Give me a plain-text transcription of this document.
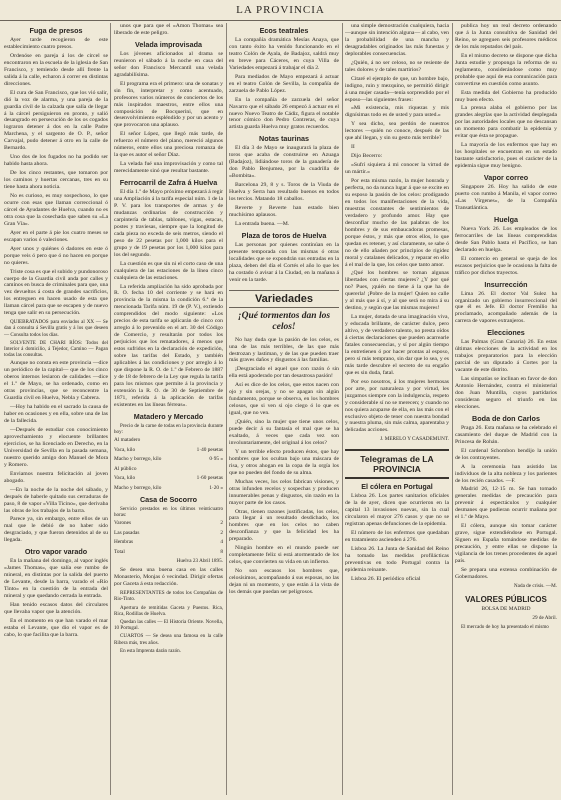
LA PROVINCIA
Fuga de presos

Ayer tarde recogieron de este establecimiento cuatro presos.

Ordenóse en pareja á los de circel se encontraron en la escuela de la iglesia de San Francisco, y temiendo desde allí frente la salida á la calle, echaron á correr en distintas direcciones.

El cura de San Francisco, que los vió salir, dió la voz de alarma, y una pareja de la guardia civil de la calzada que salía de llegar á la cárcel persiguieron en pronto, y salió desangrado en persecución de los os cogados lograron detener á dos en la calle Padre Marchena, y el sargento de O. P., señor Carvajal, pudo detener á otro en la calle de Bernardo.

Uno dos de los fugados no ha podido ser habido hasta ahora.

De los cinco restantes, que tomaron por los caminos y huertas cercanas, tres en su tiene hasta ahora noticia.

No es curioso, es muy sospechoso, lo que ocurre con esas que llaman correccional ó cárcel de Ayudantes de Huelva, cuando no es otra cosa que la cosechada que saben su «La Gran Vía».

Ayer en el parte á pie los cuatro meses se escapan varios ó valeciones.

Ayer unos y quiénes ó dadores en este ó porque veis ó pero que ó no hacen en porque no quieres.

Triste cosa es que el subido y pundonoroso cuerpo de la Guardia civil anda por calles y caminos en busca de criminales para que, una vez devueltos á costa de grandes sacrificios, los entreguen en hacen usado de esta que llaman cárcel para que se escapen y de nuevo tenga que salir en su persecución.

QUIEBRATADOS para enviados al XX — Se dan á consulta á Sevilla gratis y á los que deseen — Consulta todos los días.

SOLVENTE DE CHARI RÍOS: Todos del Interior á domicilio, á Tejedor, Camino — Pagan todas las consultas.

Aunque no consta en este provincia —dice un periódico de la capital— que de los cinco oberos internos lesiaron de calidades —dice el 1.º de Mayo, se ha ordenado, como en otras provincias, que se reconcentre la Guardia civil en Huelva, Nebla y Cabrera.

—Hoy ha habido en el sacrado la causa de haber en ocasiones y en ella, sobre una de las de la fallecida.

—Después de estudiar con conocimiento aprovechamiento y elocuente brillantes ejercicios, se ha licenciado en Derecho, en la Universidad de Sevilla en la pasada semana, nuestro querido amigo don Manuel de Mora y Romero.

Enviamos nuestra felicitación al joven abogado.

—En la noche de la noche del sábado, y después de haberle quitado sus cerraduras de paso, 8 de vapor «Villa Ticino», que derivaba las obras de los trabajos de la barra.

Parece ya, sin embargo, entre ellos de un mal que le debió de no haber sido desgraciado, y que fueron detenidos al de su llegada.

Otro vapor varado

En la mañana del domingo, al vapor inglés «James Thomas», que salía ese rumbo de mineral, en distintas por la salida del puerto de Levante, desde la barra, varado el «Río Tinto» en la cuestión de la entrada del mineral y que quedando cerrada la entrada.

Han tenido escasos datos del circulares que llevaba vapor que la atención.

En el momento en que han varado el mar estaba el Levante, que dio el vapor es de cabo, lo que facilita que la barra.

unos que para que el «Amon Thomas» sea liberado de este peligro.

Velada improvisada

Los jóvenes aficionados al drama se reunieron el sábado á la noche en casa del señor don Francisco Mercantil una velada agradabilísima.

El programa era el primero: una de sonatas y sin fin, interpretar y como acentuado, profesores varios números de conciertos de los más inspirados maestros, entre ellos una composición de Bocquerini, que en desenvolvimiento espléndido y por un acento y que provocaron una aplauso.

El señor López, que llegó más tarde, de refuerzo el número del piano, mereció algunos números, entre ellos una preciosa romanza de la que es autor el señor Díaz.

La velada fué una improvisación y como tal merecidamente sinó que resultar bastante.

Ferrocarril de Zafra á Huelva

El día 1.º de Mayo próximo empezará á regir una Ampliación á la tarifa especial núm. 1 de la P. V. para los transportes de armas y de mudanzas ordinarias de construcción y carpintería de tablas, tablones, vigas, estacas, postes y traviesas, siempre que la longitud de cada pieza no exceda de seis metros, siendo el peso de 22 pesetas por 1,000 kilos para el grupo y de 19 pesetas por los 1,000 kilos para los del segundo.

La cuestión es que sin ni el corto caso de una cualquiera de las estaciones de la línea cinco cualquiera de las estaciones.

La referida ampliación ha sido aprobada por R. O. fecha 10 del corriente y se hará en provincia de la misma la condición 6.ª de la mencionada Tarifa núm. 19 de (P. V.), extiendo comprendidos del modo siguiente: «Los precios de esta tarifa se aplicarán de cinco con arreglo á lo prevenido en el art. 30 del Código de Comercio, y resultarán por todos los perjuicios que los rematadores, á menos que estos sufridos en la declaración de expedición, sobre las tarifas del Estado, y también aplicables á las condiciones y por arreglo á lo que dispone la R. O. de 1.º de Febrero de 1887 y de 18 de febrero de la Ley que regula la tarifa para los mismos que permite á la provincia y extensión la R. O. de 30 de Septiembre de 1871, referida á la aplicación de tarifas existentes en las líneas férreas».

Matadero y Mercado

Precio de la carne de todas en la provincia durante hoy:

Al matadero
Vaca, kilo	1·40 pesetas
Macho y borrego, kilo	0·95 »
Al público
Vaca, kilo	1·60 pesetas
Macho y borrego, kilo	1·20 »
Casa de Socorro

Servicio prestados en los últimos veinticuatro horas:

Varones	2
Las pasadas	2
Hembras	4
Total	8

Huelva 23 Abril 1895.

Se desea una buena casa en las calles Monasterio, Monjas ó vecindad. Dirigir ofertas por Gaceta á esta redacción.

REPRESENTANTES de todos los Compañías de Rio-Tinto.

Apertura de remitidas Gaceta y Puestos. Rica, Rica, Rodillas de Huelva.

Quedan las calles — El Historia Oriente. Novella, 10 Portugal.

CUARTOS — Se desea una famosa en la calle Ribera más, tres años.

En esta Imprenta darán razón.

Ecos teatrales

La compañía dramática Mesías Anaya, que con tanto éxito ha venido funcionando en el teatro Colón de Ayala, de Badajoz, saldrá muy en breve para Cáceres, en cuya Villa de Variedades empezará á trabajar el día 2.

Para mediados de Mayo empezará á actuar en el teatro Colón de Sevilla, la compañía de zarzuela de Pablo López.

En la compañía de zarzuela del señor Navarro que el sábado 26 empezó á actuar en el nuevo Nuevo Teatro de Cádiz, figura el notable tenor cómico don Pedro Contreras, de cuya artista guarda Huelva muy gratos recuerdos.

Notas taurinas

El día 3 de Mayo se inaugurará la plaza de toros que acaba de construirse en Azuaga (Badajoz), lidiándose toros de la ganadería de don Pablo Benjumea, por la cuadrilla de «Bombita».

Barcelona 29, 8 y s. Toros de la Viuda de Huelva y Serra han resultado buenos en todos los tercios. Matando 18 caballos.

Reverte y Reverte han estado bien muchísimo aplausos.

La entrada buena. —M.

Plaza de toros de Huelva

Las personas por quienes continúan en la presente temporada con las mismas ó otras localidades que se expondrán sus entradas en la plaza, deben del día el Cortés el año lo que les ha costado ó avisar á la Ciudad, en la mañana á venir en la tarde.

Variedades
¡Qué tormentos dan los celos!

No hay duda que la pasión de los celos, es una de las más terribles, de las que más destrozan y lastiman, y de las que pueden traer más graves daños y disgustos á las familias.

¡Desgraciado el aquel que con razón ó sin ella está apoderado por tan desastrosa pasión!

Así es dice de los celos, que estos nacen con ojo y sin orejas, y no se apagan sin algún fundamento, porque se observa, en los hombres celosos, que si ven si ojo ciego ó lo que es igual, que no ven.

¡Quién, sino la mujer que tiene unos celos, puede decir á su fantasía el mal que se ha exaltado, á veces que cada vez son involuntariamente, del original á los celos?

Y un terrible efecto producen éstos, que hay hombres que los ocultan bajo una máscara de risa, y otros ahogan en la copa de la orgía los que no pueden del fondo de su alma.

Muchas veces, los celos fabrican visiones, y otras infunden recelos y sospechas y producen innumerables penas y disgustos, sin razón en la mayor parte de los casos.

Otras, tienen razones justificadas, los celos, para llegar á un resultado desdichado, los hombres que en los celos no caben desconfianza y que la felicidad les ha preparado.

Ningún hombre en el mundo puede ser completamente feliz si está atormentado de los celos, que convierten su vida en un infierno.

No son escasos los hombres que, celosísimos, acompañando á sus esposas, no las dejan ni un momento, y que están á la vista de los demás que puedan ser peligrosos.

una simple demostración cualquiera, hacia —aunque sin intención alguna— al cabo, ven la probabilidad de una mancha y desagradables originados las más funestas y deplorables consecuencias.

¿Quién, á no ser celoso, no se resiente de tales dolores y de tales martirios?

Citaré el ejemplo de que, un hombre bajo, indigno, ruin y mezquino, se permitió dirigir á una mujer casada—tenía sorprendido por el esposo—las siguientes frases:

«Mi existencia, mis riquezas y mis dignísimas todo es de usted y para usted.»

Y sea dicho, sea perdón de nuestros lectores —quién no conoce, después de las que ahí llegan, y sin su gesto más terrible?

II

Dijo Becerro:

«Sufrí siquiera á mi conocer la virtud de un mártir.»

Por esta misma razón, la mujer honrada y perfecta, no da nunca lugar á que se excite en su esposo la pasión de los celos: prodigando en todos los manifestaciones de la vida, muestras constantes de sentimientos de verdadero y profundo amor. Hay que desconfiar mucho de las palabras de los hombres y de sus embaucadoras promesas, porque éstos, y más que otros ellos, lo que quedan es retener, y así claramente, se sabe ó no de ello añaden por principios de rigidez moral y catalanes delicados, y reparar en ello á el mal de la que, los celos que tanto amor.

¿Qué los hombres se tornan algunas libertades con ciertas mujeres? ¿Y por qué no? Pues, ¡quién no tiene á la que ha de quererla! ¡Pobre de la mujer! Quien no calle y al más que á sí, y al que será no mira á su destino, y según que las mismas mujeres!

La mujer, dotada de una imaginación viva, y educada brillante, de carácter dulce, pero altivo, y de verdadero talento, no presta oídos á ciertas declaraciones que pueden acarrearle fatales consecuencias, y sí por algún tiempo la entretienen ó por hacer prontas al esposo, pero sí más temprano, sin dar que lo sea, y es más tarde descubre el secreto de su engaño que es sin duda, fatal.

Por eso nosotros, á los mujeres hermosas por arte, por naturaleza y por virtud, les juzgamos siempre con la indulgencia, respeto y considerable sí no se merecen; y cuando no nos quiera acuparse de ella, en las más con el exclusivo objeto de tener con nuestra bondad y nuestra pluma, sin más calma, aparentaba y delicadas acciones.

J. MERELO Y CASADEMUNT.

Telegramas de LA PROVINCIA
El cólera en Portugal

Lisboa 26. Los partes sanitarios oficiales de la de ayer, dicen que ocurrieron en la capital 13 invasiones nuevas, sin la cual circularon el mayor 276 casos y que no se registran apenas defunciones de la epidemia.

El número de los enfermos que quedaban en tratamiento ascienden á 276.

Lisboa 26. La Junta de Sanidad del Reino ha tomado las medidas profilácticas preventivas en todo Portugal contra la epidemia reinante.

Lisboa 26. El periódico oficial

publica hoy un real decreto ordenando que á la Junta consultiva de Sanidad del Reino, se agreguen seis profesores médicos de los más reputados del país.

En el mismo decreto se dispone que dicha Junta estudie y proponga la reforma de su reglamento, considerándose como muy probable que aquí de esa comunicación para convertirse en cuestión como asunto.

Esta medida del Gobierno ha producido muy buen efecto.

La prensa alaba el gobierno por las grandes alegrías que la actividad desplegada por las autoridades locales que no descansan un momento para combatir la epidemia y evitar que ésta se propague.

La mayoría de los enfermos que hay en los hospitales se encuentran en un estado bastante satisfactorio, pues el carácter de la epidemia sigue muy benigno.

Vapor correo

Singapore 26. Hoy ha salido de este puerto con rumbo á Manila, el vapor correo «Las Vírgenes», de la Compañía Transatlántica.

Huelga

Nueva York 26. Los empleados de los ferrocarriles de las líneas comprendidas desde San Pablo hasta el Pacífico, se han declarado en huelga.

El comercio en general se queja de los escasos perjuicios que le ocasiona la falta de tráfico por dichos trayectos.

Insurrección

Lima 26. El doctor Val Sulez ha organizado un gobierno insurreccional del que él es Jefe. El doctor Fremilio ha proclamado, acompañado además de la carrera de vapores extranjeros.

Elecciones

Las Palmas (Gran Canaria) 26. En estas últimas elecciones de la actividad en los trabajos preparatorios para la elección parcial de un diputado á Cortes por la vacante de este distrito.

Las simpatías se inclinan en favor de don Antonio Hernández, contra el ministerial don Juan Muntilla, cuyos partidarios consideran seguro el triunfo en las elecciones.

Boda de don Carlos

Praga 26. Esta mañana se ha celebrado el casamiento del duque de Madrid con la Princesa de Rohán.

El cardenal Schombon bendijo la unión de los contrayentes.

A la ceremonia han asistido las individuos de la alta nobleza y los parientes de los recién casados. —F.

Madrid 26, 12·15 m. Se han tomado generales medidas de precaución para prevenir á espectáculos y cualquier desmanes que pudieran ocurrir mañana por el 1.º de Mayo.

El cólera, aunque sin tomar carácter grave, sigue extendiéndose en Portugal. Siguen en España tomándose medidas de precaución, y entre ellas se dispone la vigilancia de los trenes procedentes de aquel país.

Se prepara una extensa combinación de Gobernadores.

Nada de crisis. —M.

VALORES PÚBLICOS

BOLSA DE MADRID

29 de Abril.

El mercado de hoy ha presentado el mismo
